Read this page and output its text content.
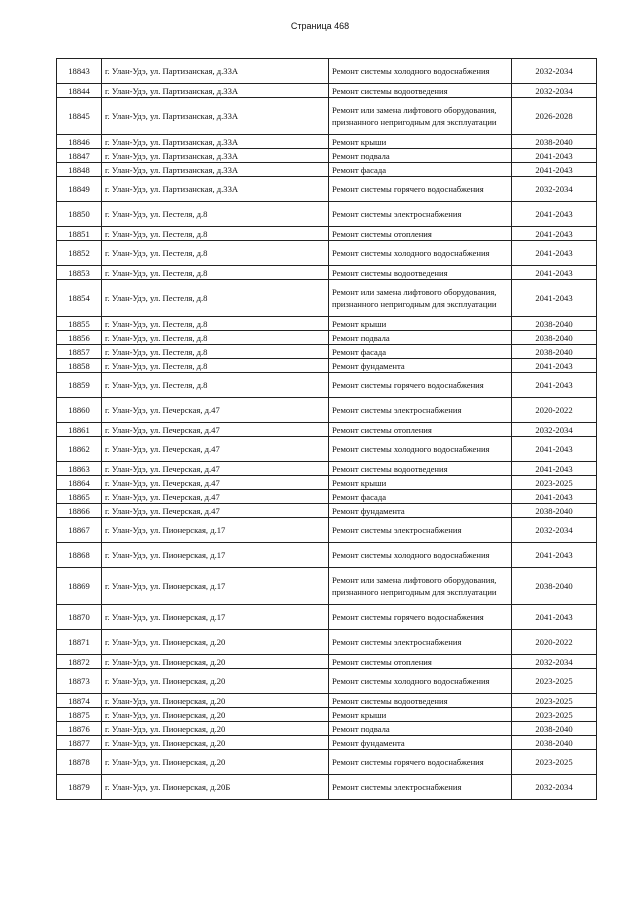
Страница 468
18843	г. Улан-Удэ, ул. Партизанская, д.33А	Ремонт системы холодного водоснабжения	2032-2034
18844	г. Улан-Удэ, ул. Партизанская, д.33А	Ремонт системы водоотведения	2032-2034
18845	г. Улан-Удэ, ул. Партизанская, д.33А	Ремонт или замена лифтового оборудования, признанного непригодным для эксплуатации	2026-2028
18846	г. Улан-Удэ, ул. Партизанская, д.33А	Ремонт крыши	2038-2040
18847	г. Улан-Удэ, ул. Партизанская, д.33А	Ремонт подвала	2041-2043
18848	г. Улан-Удэ, ул. Партизанская, д.33А	Ремонт фасада	2041-2043
18849	г. Улан-Удэ, ул. Партизанская, д.33А	Ремонт системы горячего водоснабжения	2032-2034
18850	г. Улан-Удэ, ул. Пестеля, д.8	Ремонт системы электроснабжения	2041-2043
18851	г. Улан-Удэ, ул. Пестеля, д.8	Ремонт системы отопления	2041-2043
18852	г. Улан-Удэ, ул. Пестеля, д.8	Ремонт системы холодного водоснабжения	2041-2043
18853	г. Улан-Удэ, ул. Пестеля, д.8	Ремонт системы водоотведения	2041-2043
18854	г. Улан-Удэ, ул. Пестеля, д.8	Ремонт или замена лифтового оборудования, признанного непригодным для эксплуатации	2041-2043
18855	г. Улан-Удэ, ул. Пестеля, д.8	Ремонт крыши	2038-2040
18856	г. Улан-Удэ, ул. Пестеля, д.8	Ремонт подвала	2038-2040
18857	г. Улан-Удэ, ул. Пестеля, д.8	Ремонт фасада	2038-2040
18858	г. Улан-Удэ, ул. Пестеля, д.8	Ремонт фундамента	2041-2043
18859	г. Улан-Удэ, ул. Пестеля, д.8	Ремонт системы горячего водоснабжения	2041-2043
18860	г. Улан-Удэ, ул. Печерская, д.47	Ремонт системы электроснабжения	2020-2022
18861	г. Улан-Удэ, ул. Печерская, д.47	Ремонт системы отопления	2032-2034
18862	г. Улан-Удэ, ул. Печерская, д.47	Ремонт системы холодного водоснабжения	2041-2043
18863	г. Улан-Удэ, ул. Печерская, д.47	Ремонт системы водоотведения	2041-2043
18864	г. Улан-Удэ, ул. Печерская, д.47	Ремонт крыши	2023-2025
18865	г. Улан-Удэ, ул. Печерская, д.47	Ремонт фасада	2041-2043
18866	г. Улан-Удэ, ул. Печерская, д.47	Ремонт фундамента	2038-2040
18867	г. Улан-Удэ, ул. Пионерская, д.17	Ремонт системы электроснабжения	2032-2034
18868	г. Улан-Удэ, ул. Пионерская, д.17	Ремонт системы холодного водоснабжения	2041-2043
18869	г. Улан-Удэ, ул. Пионерская, д.17	Ремонт или замена лифтового оборудования, признанного непригодным для эксплуатации	2038-2040
18870	г. Улан-Удэ, ул. Пионерская, д.17	Ремонт системы горячего водоснабжения	2041-2043
18871	г. Улан-Удэ, ул. Пионерская, д.20	Ремонт системы электроснабжения	2020-2022
18872	г. Улан-Удэ, ул. Пионерская, д.20	Ремонт системы отопления	2032-2034
18873	г. Улан-Удэ, ул. Пионерская, д.20	Ремонт системы холодного водоснабжения	2023-2025
18874	г. Улан-Удэ, ул. Пионерская, д.20	Ремонт системы водоотведения	2023-2025
18875	г. Улан-Удэ, ул. Пионерская, д.20	Ремонт крыши	2023-2025
18876	г. Улан-Удэ, ул. Пионерская, д.20	Ремонт подвала	2038-2040
18877	г. Улан-Удэ, ул. Пионерская, д.20	Ремонт фундамента	2038-2040
18878	г. Улан-Удэ, ул. Пионерская, д.20	Ремонт системы горячего водоснабжения	2023-2025
18879	г. Улан-Удэ, ул. Пионерская, д.20Б	Ремонт системы электроснабжения	2032-2034
